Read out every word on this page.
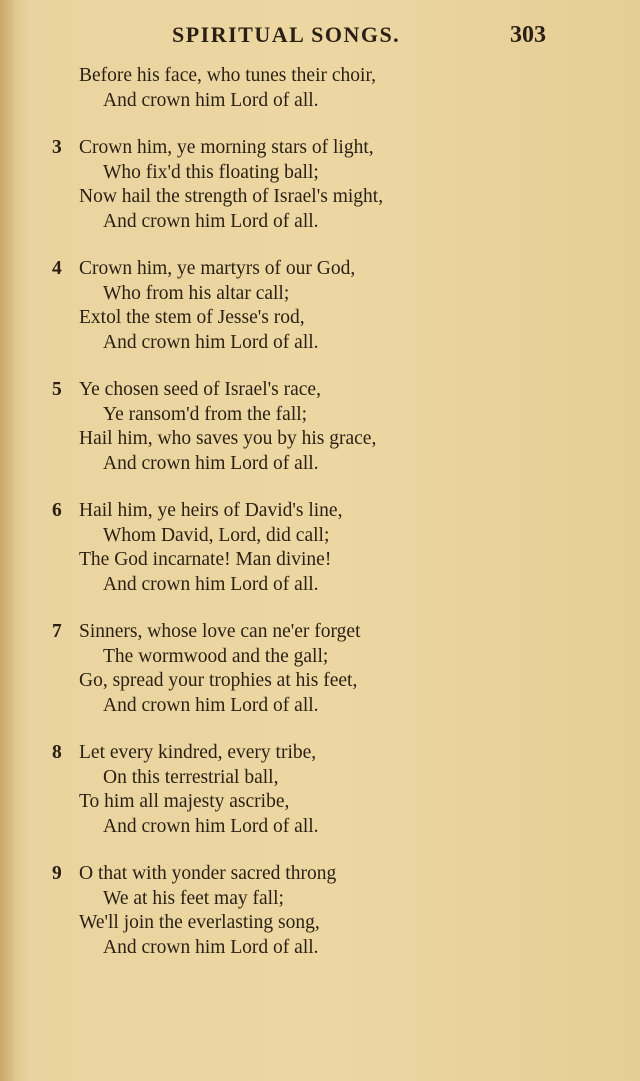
SPIRITUAL SONGS.	303
Before his face, who tunes their choir,
And crown him Lord of all.
3 Crown him, ye morning stars of light,
Who fix'd this floating ball;
Now hail the strength of Israel's might,
And crown him Lord of all.
4 Crown him, ye martyrs of our God,
Who from his altar call;
Extol the stem of Jesse's rod,
And crown him Lord of all.
5 Ye chosen seed of Israel's race,
Ye ransom'd from the fall;
Hail him, who saves you by his grace,
And crown him Lord of all.
6 Hail him, ye heirs of David's line,
Whom David, Lord, did call;
The God incarnate! Man divine!
And crown him Lord of all.
7 Sinners, whose love can ne'er forget
The wormwood and the gall;
Go, spread your trophies at his feet,
And crown him Lord of all.
8 Let every kindred, every tribe,
On this terrestrial ball,
To him all majesty ascribe,
And crown him Lord of all.
9 O that with yonder sacred throng
We at his feet may fall;
We'll join the everlasting song,
And crown him Lord of all.
